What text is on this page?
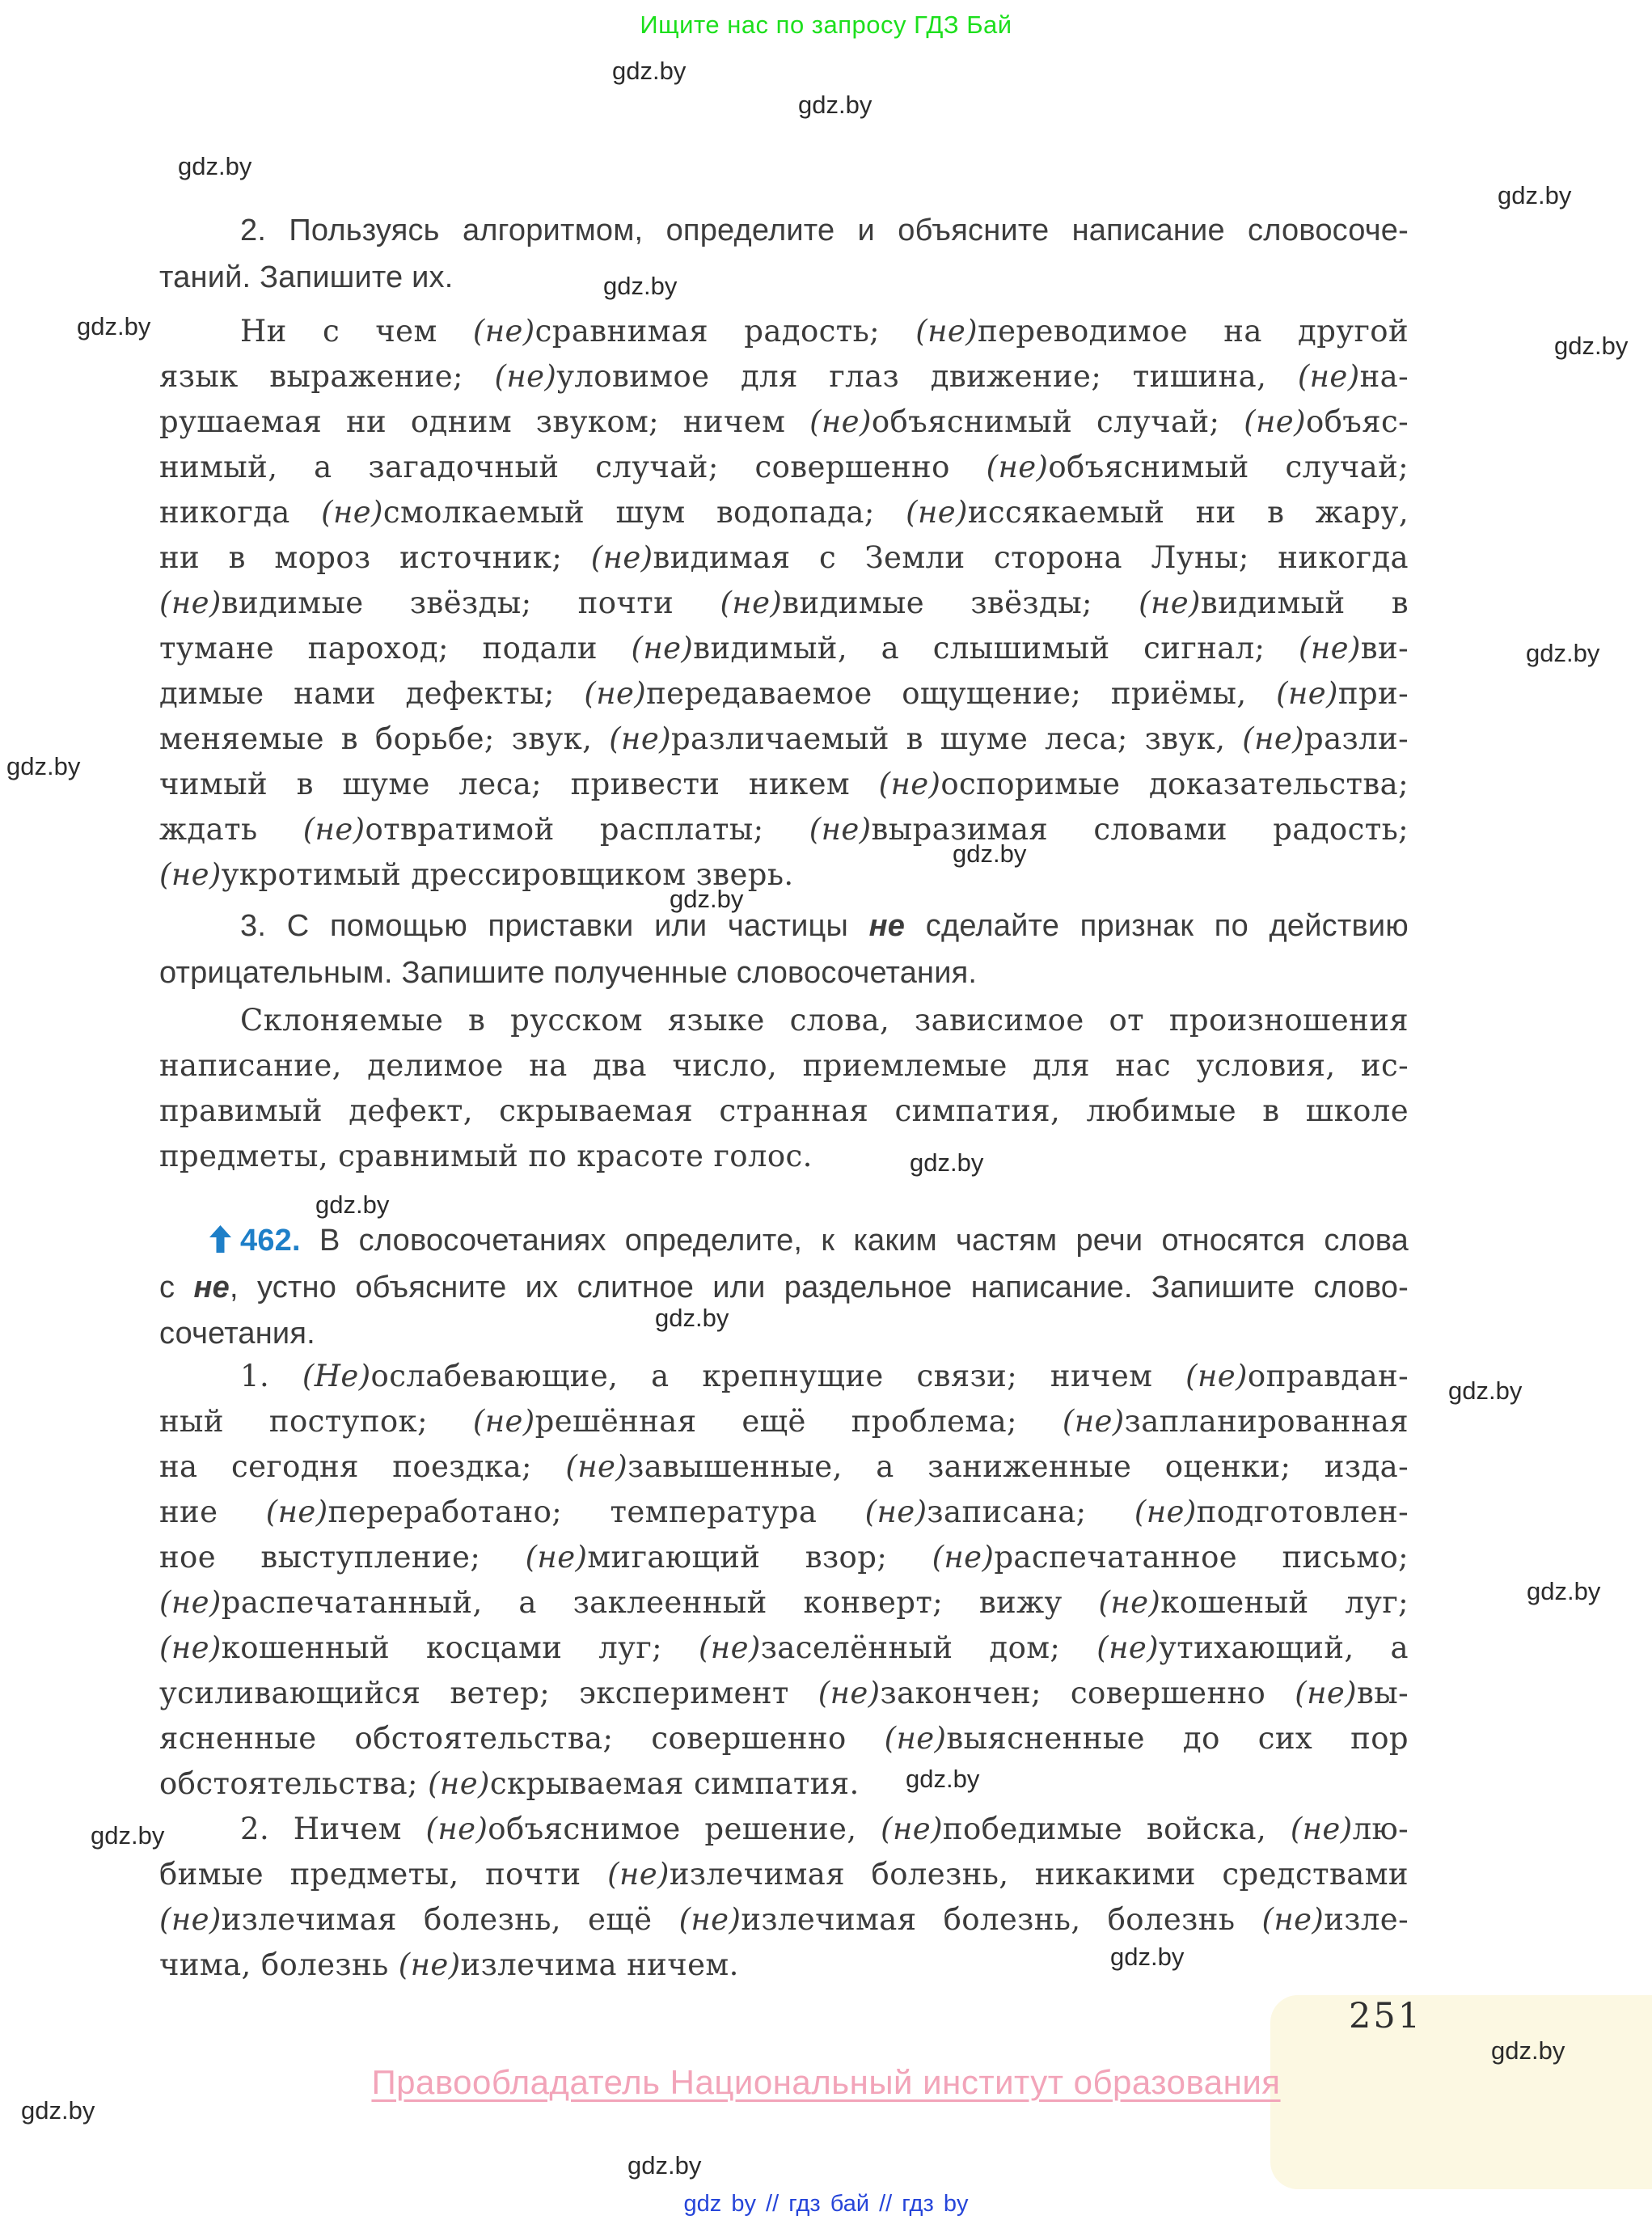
Ищите нас по запросу ГДЗ Бай
gdz.by
gdz.by
gdz.by
gdz.by
gdz.by
gdz.by
gdz.by
gdz.by
gdz.by
gdz.by
gdz.by
gdz.by
gdz.by
gdz.by
gdz.by
gdz.by
gdz.by
gdz.by
gdz.by
gdz.by
gdz.by
gdz.by
2. Пользуясь алгоритмом, определите и объясните написание словосоче-
таний. Запишите их.
Ни с чем (не)сравнимая радость; (не)переводимое на другой
язык выражение; (не)уловимое для глаз движение; тишина, (не)на-
рушаемая ни одним звуком; ничем (не)объяснимый случай; (не)объяс-
нимый, а загадочный случай; совершенно (не)объяснимый случай;
никогда (не)смолкаемый шум водопада; (не)иссякаемый ни в жару,
ни в мороз источник; (не)видимая с Земли сторона Луны; никогда
(не)видимые звёзды; почти (не)видимые звёзды; (не)видимый в
тумане пароход; подали (не)видимый, а слышимый сигнал; (не)ви-
димые нами дефекты; (не)передаваемое ощущение; приёмы, (не)при-
меняемые в борьбе; звук, (не)различаемый в шуме леса; звук, (не)разли-
чимый в шуме леса; привести никем (не)оспоримые доказательства;
ждать (не)отвратимой расплаты; (не)выразимая словами радость;
(не)укротимый дрессировщиком зверь.
3. С помощью приставки или частицы не сделайте признак по действию
отрицательным. Запишите полученные словосочетания.
Склоняемые в русском языке слова, зависимое от произношения
написание, делимое на два число, приемлемые для нас условия, ис-
правимый дефект, скрываемая странная симпатия, любимые в школе
предметы, сравнимый по красоте голос.
462. В словосочетаниях определите, к каким частям речи относятся слова
с не, устно объясните их слитное или раздельное написание. Запишите слово-
сочетания.
1. (Не)ослабевающие, а крепнущие связи; ничем (не)оправдан-
ный поступок; (не)решённая ещё проблема; (не)запланированная
на сегодня поездка; (не)завышенные, а заниженные оценки; изда-
ние (не)переработано; температура (не)записана; (не)подготовлен-
ное выступление; (не)мигающий взор; (не)распечатанное письмо;
(не)распечатанный, а заклеенный конверт; вижу (не)кошеный луг;
(не)кошенный косцами луг; (не)заселённый дом; (не)утихающий, а
усиливающийся ветер; эксперимент (не)закончен; совершенно (не)вы-
ясненные обстоятельства; совершенно (не)выясненные до сих пор
обстоятельства; (не)скрываемая симпатия.
2. Ничем (не)объяснимое решение, (не)победимые войска, (не)лю-
бимые предметы, почти (не)излечимая болезнь, никакими средствами
(не)излечимая болезнь, ещё (не)излечимая болезнь, болезнь (не)изле-
чима, болезнь (не)излечима ничем.
251
Правообладатель Национальный институт образования
gdz by // гдз бай // гдз by
